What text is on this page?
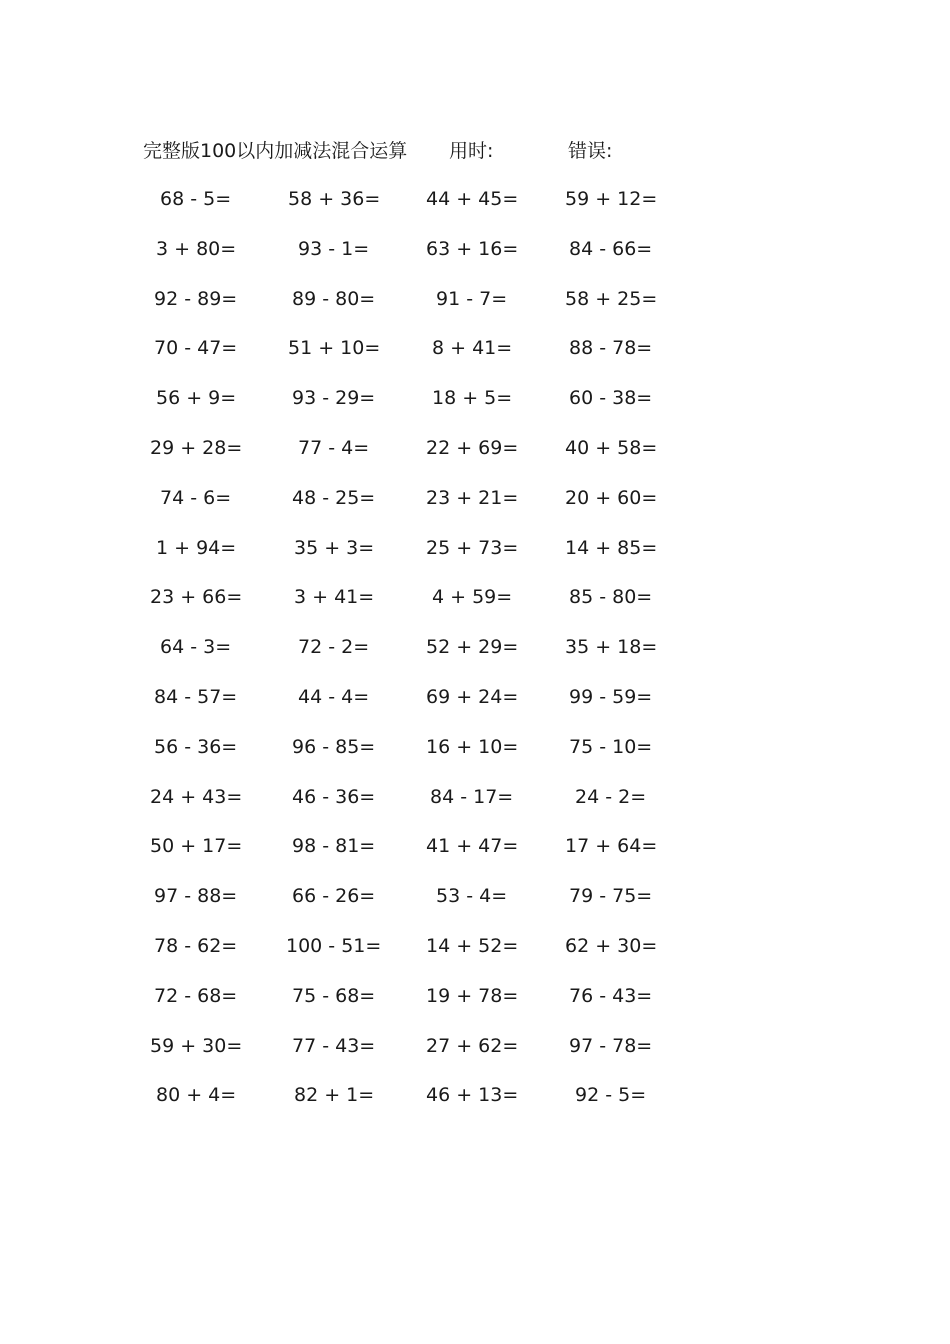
完整版100以内加减法混合运算 用时:	错误:
68 - 5=
3 + 80=
92 - 89=
70 - 47=
56 + 9=
29 + 28=
74 - 6=
1 + 94=
23 + 66=
64 - 3=
84 - 57=
56 - 36=
24 + 43=
50 + 17=
97 - 88=
78 - 62=
72 - 68=
59 + 30=
80 + 4=
58 + 36=
93 - 1=
89 - 80=
51 + 10=
93 - 29=
77 - 4=
48 - 25=
35 + 3=
3 + 41=
72 - 2=
44 - 4=
96 - 85=
46 - 36=
98 - 81=
66 - 26=
100 - 51=
75 - 68=
77 - 43=
82 + 1=
44 + 45=
63 + 16=
91 - 7=
8 + 41=
18 + 5=
22 + 69=
23 + 21=
25 + 73=
4 + 59=
52 + 29=
69 + 24=
16 + 10=
84 - 17=
41 + 47=
53 - 4=
14 + 52=
19 + 78=
27 + 62=
46 + 13=
59 + 12=
84 - 66=
58 + 25=
88 - 78=
60 - 38=
40 + 58=
20 + 60=
14 + 85=
85 - 80=
35 + 18=
99 - 59=
75 - 10=
24 - 2=
17 + 64=
79 - 75=
62 + 30=
76 - 43=
97 - 78=
92 - 5=
